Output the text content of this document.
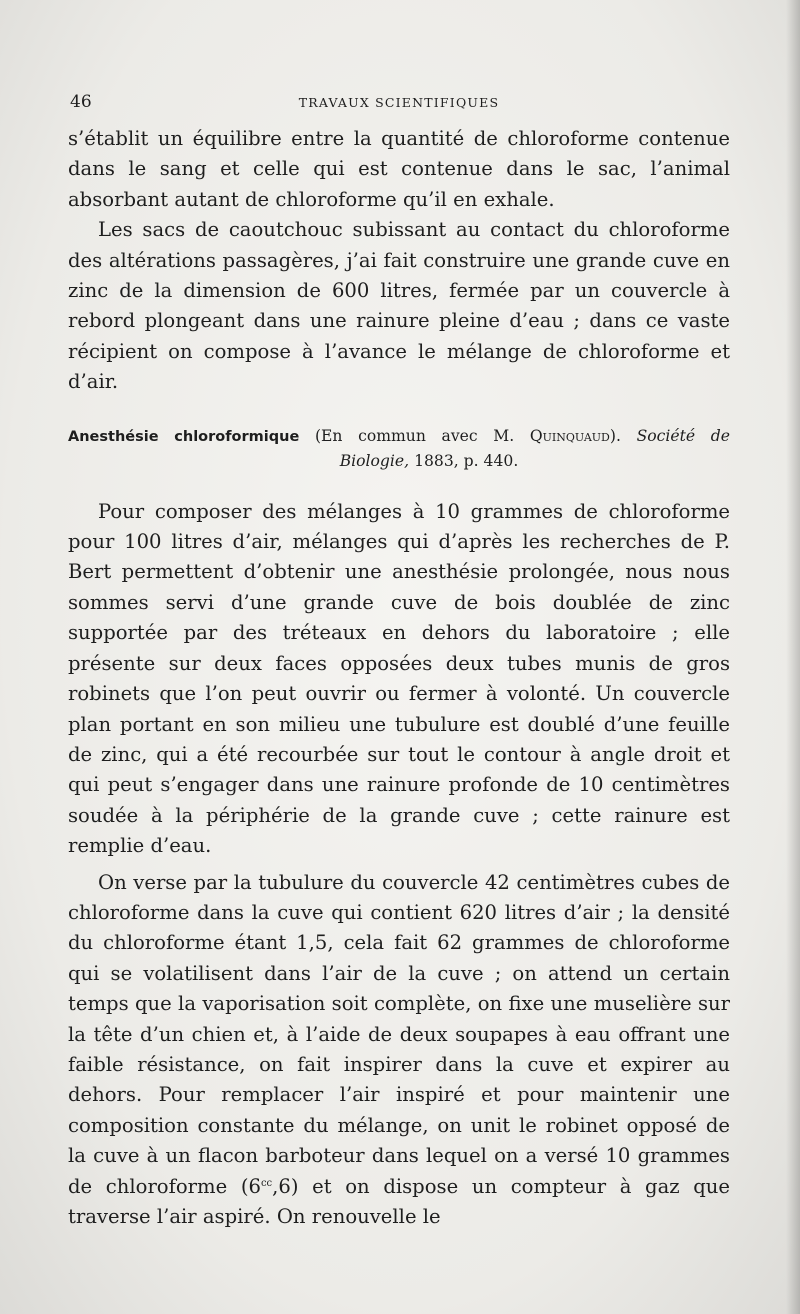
46	TRAVAUX SCIENTIFIQUES

s’établit un équilibre entre la quantité de chloroforme contenue dans le sang et celle qui est contenue dans le sac, l’animal absorbant autant de chloroforme qu’il en exhale.

Les sacs de caoutchouc subissant au contact du chloroforme des altérations passagères, j’ai fait construire une grande cuve en zinc de la dimension de 600 litres, fermée par un couvercle à rebord plongeant dans une rainure pleine d’eau ; dans ce vaste récipient on compose à l’avance le mélange de chloroforme et d’air.

Anesthésie chloroformique (En commun avec M. Quinquaud). Société de
Biologie, 1883, p. 440.

Pour composer des mélanges à 10 grammes de chloroforme pour 100 litres d’air, mélanges qui d’après les recherches de P. Bert permettent d’obtenir une anesthésie prolongée, nous nous sommes servi d’une grande cuve de bois doublée de zinc supportée par des tréteaux en dehors du laboratoire ; elle présente sur deux faces opposées deux tubes munis de gros robinets que l’on peut ouvrir ou fermer à volonté. Un couvercle plan portant en son milieu une tubulure est doublé d’une feuille de zinc, qui a été recourbée sur tout le contour à angle droit et qui peut s’engager dans une rainure profonde de 10 centimètres soudée à la périphérie de la grande cuve ; cette rainure est remplie d’eau.

On verse par la tubulure du couvercle 42 centimètres cubes de chloroforme dans la cuve qui contient 620 litres d’air ; la densité du chloroforme étant 1,5, cela fait 62 grammes de chloroforme qui se volatilisent dans l’air de la cuve ; on attend un certain temps que la vaporisation soit complète, on fixe une muselière sur la tête d’un chien et, à l’aide de deux soupapes à eau offrant une faible résistance, on fait inspirer dans la cuve et expirer au dehors. Pour remplacer l’air inspiré et pour maintenir une composition constante du mélange, on unit le robinet opposé de la cuve à un flacon barboteur dans lequel on a versé 10 grammes de chloroforme $(6^{cc},6)$ et on dispose un compteur à gaz que traverse l’air aspiré. On renouvelle le
